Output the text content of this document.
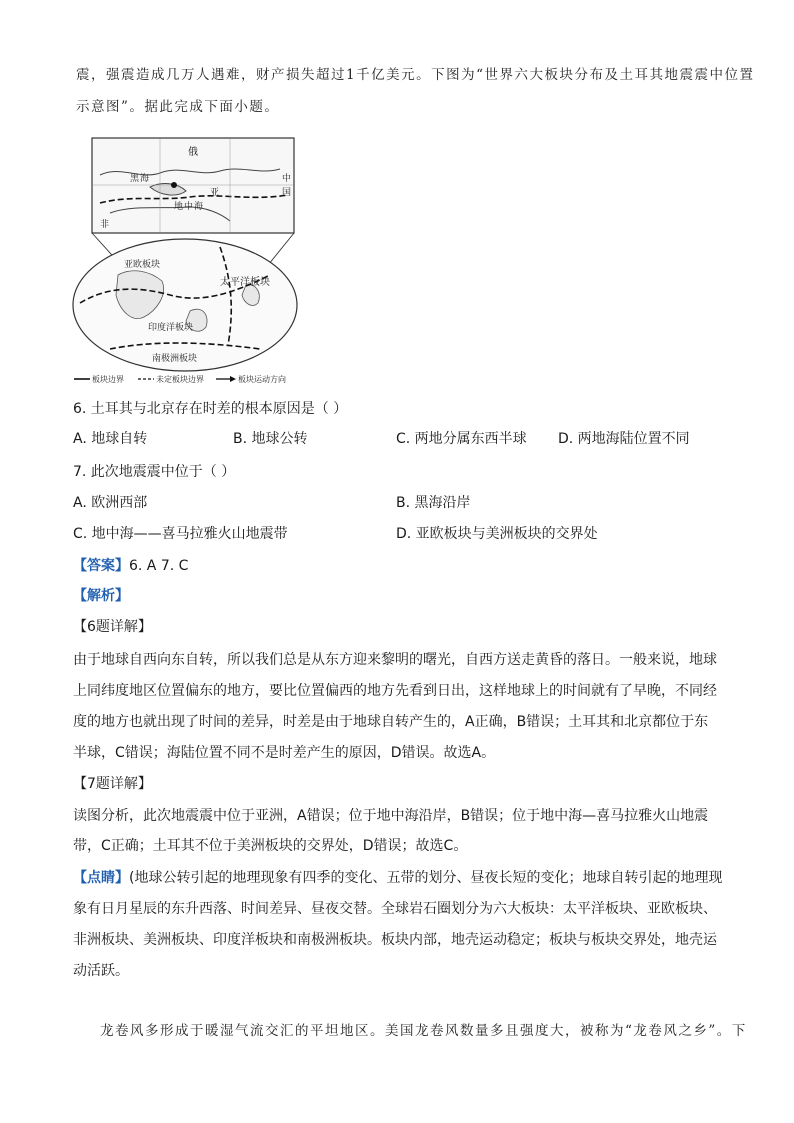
震，强震造成几万人遇难，财产损失超过1千亿美元。下图为“世界六大板块分布及土耳其地震震中位置
示意图”。据此完成下面小题。
俄
黑 海
亚
地 中 海
非
中
国
太平洋板块
印度洋板块
南极洲板块
亚欧板块
板块边界	未定板块边界	板块运动方向
6. 土耳其与北京存在时差的根本原因是（ ）
A. 地球自转	B. 地球公转	C. 两地分属东西半球 D. 两地海陆位置不同
7. 此次地震震中位于（ ）
A. 欧洲西部	B. 黑海沿岸
C. 地中海——喜马拉雅火山地震带	D. 亚欧板块与美洲板块的交界处
【答案】6. A 7. C
【解析】
【6题详解】
由于地球自西向东自转，所以我们总是从东方迎来黎明的曙光，自西方送走黄昏的落日。一般来说，地球
上同纬度地区位置偏东的地方，要比位置偏西的地方先看到日出，这样地球上的时间就有了早晚，不同经
度的地方也就出现了时间的差异，时差是由于地球自转产生的，A正确，B错误；土耳其和北京都位于东
半球，C错误；海陆位置不同不是时差产生的原因，D错误。故选A。
【7题详解】
读图分析，此次地震震中位于亚洲，A错误；位于地中海沿岸，B错误；位于地中海—喜马拉雅火山地震
带，C正确；土耳其不位于美洲板块的交界处，D错误；故选C。
【点睛】(地球公转引起的地理现象有四季的变化、五带的划分、昼夜长短的变化；地球自转引起的地理现
象有日月星辰的东升西落、时间差异、昼夜交替。全球岩石圈划分为六大板块：太平洋板块、亚欧板块、
非洲板块、美洲板块、印度洋板块和南极洲板块。板块内部，地壳运动稳定；板块与板块交界处，地壳运
动活跃。
龙卷风多形成于暖湿气流交汇的平坦地区。美国龙卷风数量多且强度大，被称为“龙卷风之乡”。下
